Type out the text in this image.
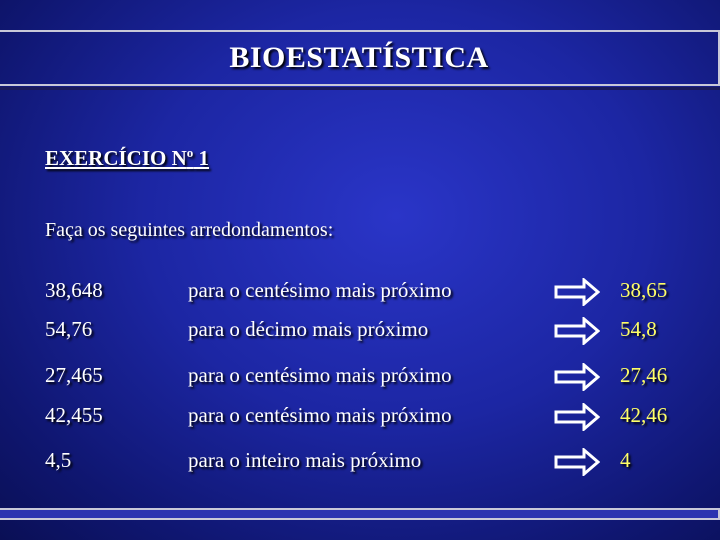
BIOESTATÍSTICA
EXERCÍCIO $N^o$ 1
Faça os seguintes arredondamentos:
38,648	para o centésimo mais próximo	38,65
54,76	para o décimo mais próximo	54,8
27,465	para o centésimo mais próximo	27,46
42,455	para o centésimo mais próximo	42,46
4,5	para o inteiro mais próximo	4
